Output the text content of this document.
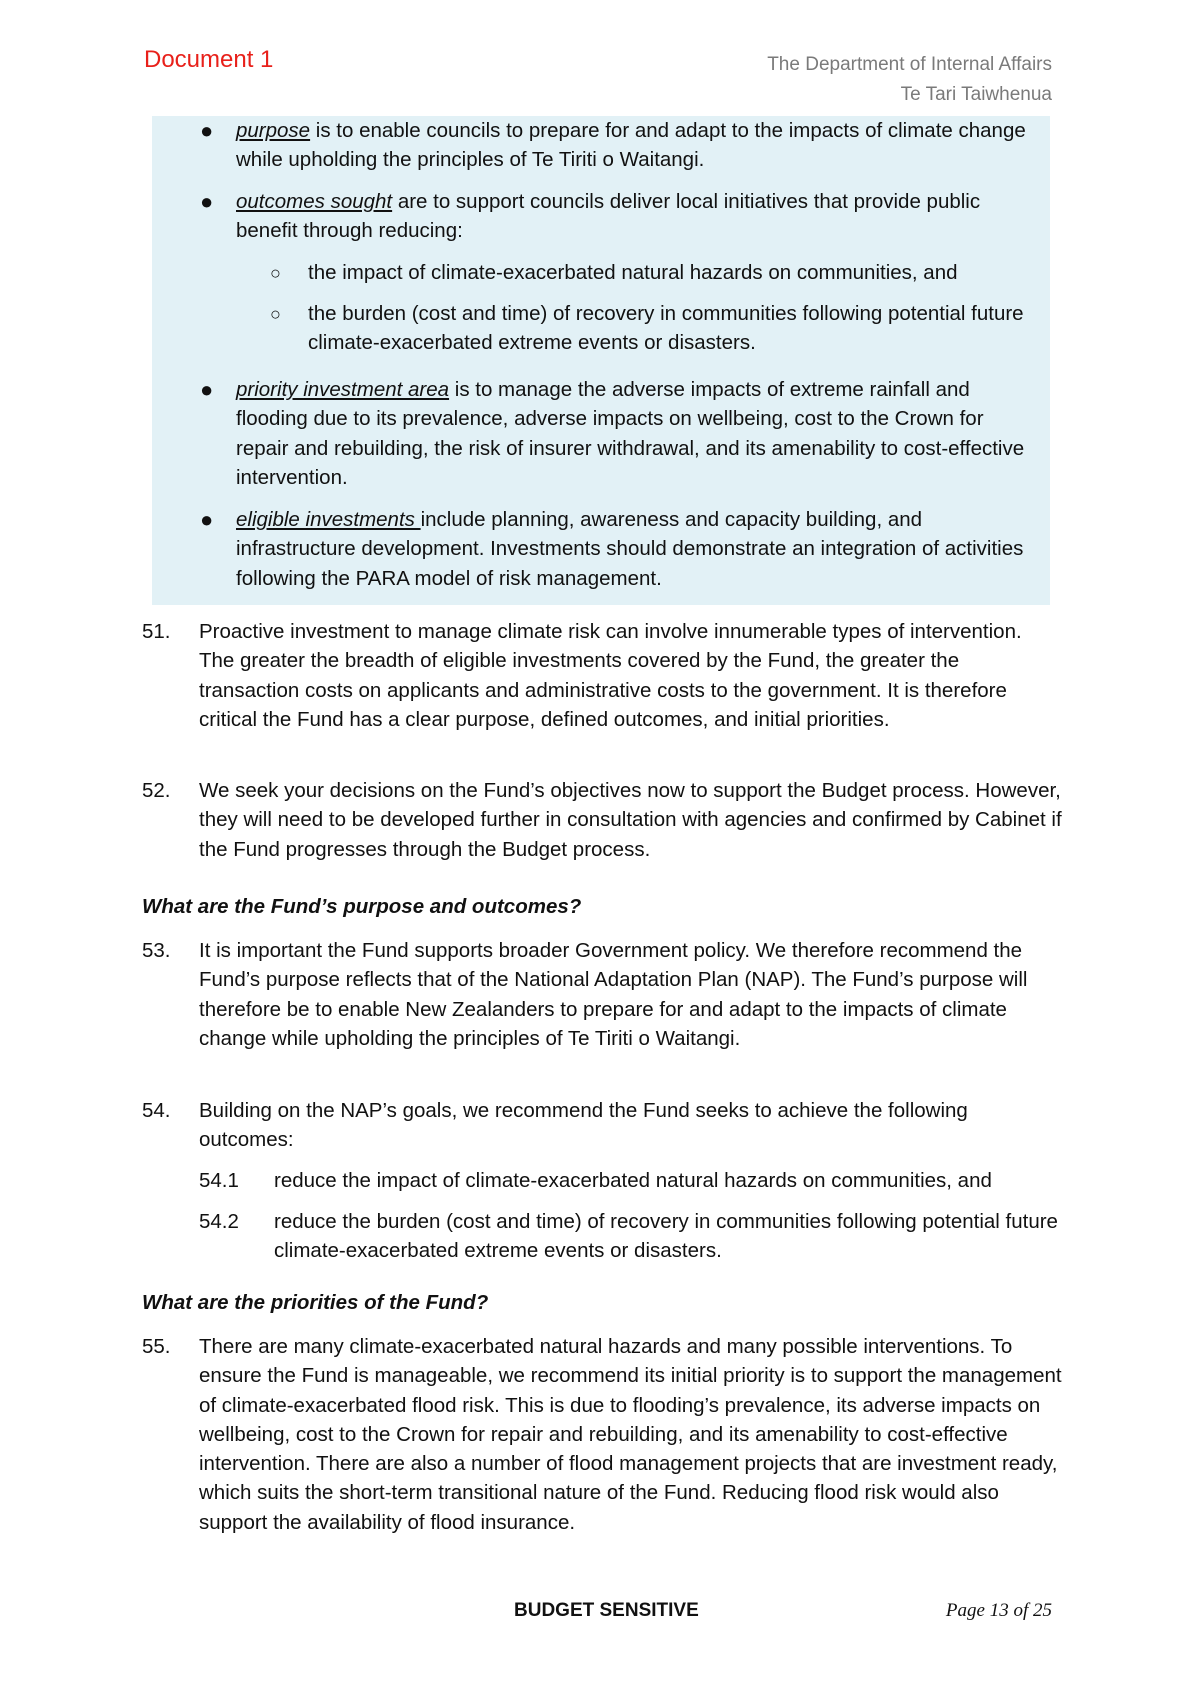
Document 1	The Department of Internal Affairs
Te Tari Taiwhenua
● purpose is to enable councils to prepare for and adapt to the impacts of climate change while upholding the principles of Te Tiriti o Waitangi.
● outcomes sought are to support councils deliver local initiatives that provide public benefit through reducing:
○ the impact of climate-exacerbated natural hazards on communities, and
○ the burden (cost and time) of recovery in communities following potential future climate-exacerbated extreme events or disasters.
● priority investment area is to manage the adverse impacts of extreme rainfall and flooding due to its prevalence, adverse impacts on wellbeing, cost to the Crown for repair and rebuilding, the risk of insurer withdrawal, and its amenability to cost-effective intervention.
● eligible investments include planning, awareness and capacity building, and infrastructure development. Investments should demonstrate an integration of activities following the PARA model of risk management.
51. Proactive investment to manage climate risk can involve innumerable types of intervention. The greater the breadth of eligible investments covered by the Fund, the greater the transaction costs on applicants and administrative costs to the government. It is therefore critical the Fund has a clear purpose, defined outcomes, and initial priorities.
52. We seek your decisions on the Fund’s objectives now to support the Budget process. However, they will need to be developed further in consultation with agencies and confirmed by Cabinet if the Fund progresses through the Budget process.
What are the Fund’s purpose and outcomes?
53. It is important the Fund supports broader Government policy. We therefore recommend the Fund’s purpose reflects that of the National Adaptation Plan (NAP). The Fund’s purpose will therefore be to enable New Zealanders to prepare for and adapt to the impacts of climate change while upholding the principles of Te Tiriti o Waitangi.
54. Building on the NAP’s goals, we recommend the Fund seeks to achieve the following outcomes:
54.1 reduce the impact of climate-exacerbated natural hazards on communities, and
54.2 reduce the burden (cost and time) of recovery in communities following potential future climate-exacerbated extreme events or disasters.
What are the priorities of the Fund?
55. There are many climate-exacerbated natural hazards and many possible interventions. To ensure the Fund is manageable, we recommend its initial priority is to support the management of climate-exacerbated flood risk. This is due to flooding’s prevalence, its adverse impacts on wellbeing, cost to the Crown for repair and rebuilding, and its amenability to cost-effective intervention. There are also a number of flood management projects that are investment ready, which suits the short-term transitional nature of the Fund. Reducing flood risk would also support the availability of flood insurance.
BUDGET SENSITIVE	Page 13 of 25
